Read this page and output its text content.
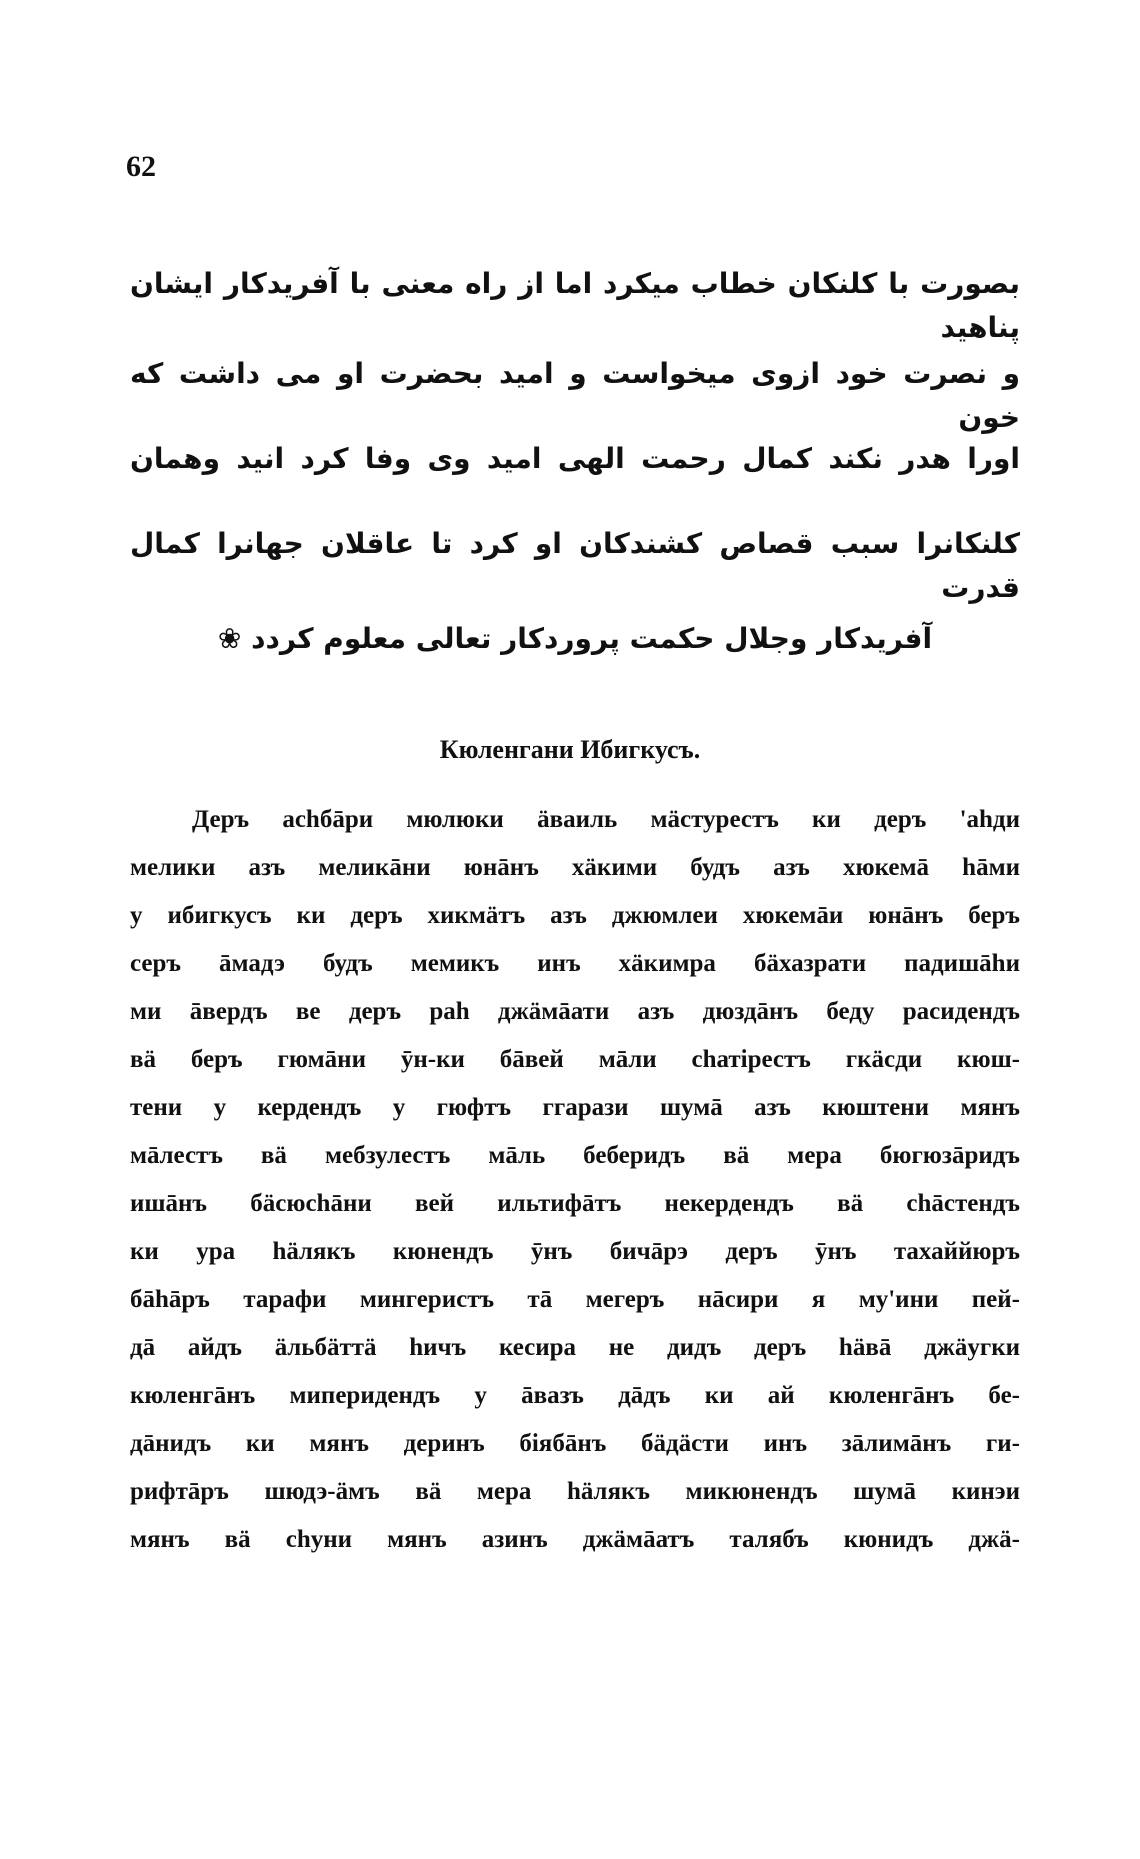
62
بصورت با کلنکان خطاب میکرد اما از راه معنی با آفریدکار ایشان پناهید
و نصرت خود ازوی میخواست و امید بحضرت او می داشت که خون
اورا هدر نکند کمال رحمت الهی امید وی وفا کرد انید وهمان
کلنکانرا سبب قصاص کشندکان او کرد تا عاقلان جهانرا کمال قدرت
آفریدکار وجلال حکمت پروردکار تعالی معلوم کردد ❀
Кюленгани Ибигкусъ.
Деръ асhбāри мюлюки äваиль мäстурестъ ки деръ 'аhди
мелики азъ меликāни юнāнъ хäкими будъ азъ хюкемā hāми
у ибигкусъ ки деръ хикмäтъ азъ джюмлеи хюкемāи юнāнъ беръ
серъ āмадэ будъ мемикъ инъ хäкимра бäхазрати падишāhи
ми āвердъ ве деръ раh джäмāати азъ дюздāнъ беду расидендъ
вä беръ гюмāни ӯн-ки бāвей мāли сhатірестъ гкäсди кюш-
тени у кердендъ у гюфтъ ггарази шумā азъ кюштени мянъ
мāлестъ вä мебзулестъ мāль беберидъ вä мера бюгюзāридъ
ишāнъ бäсюсhāни вей ильтифāтъ некердендъ вä сhāстендъ
ки ура häлякъ кюнендъ ӯнъ бичāрэ деръ ӯнъ тахаййюръ
бāhāръ тарафи мингеристъ тā мегеръ нāсири я му'ини пей-
дā айдъ äльбäттä hичъ кесира не дидъ деръ häвā джäугки
кюленгāнъ миперидендъ у āвазъ дāдъ ки ай кюленгāнъ бе-
дāнидъ ки мянъ деринъ біябāнъ бäдäсти инъ зāлимāнъ ги-
рифтāръ шюдэ-äмъ вä мера häлякъ микюнендъ шумā кинэи
мянъ вä сhуни мянъ азинъ джäмāатъ талябъ кюнидъ джä-
